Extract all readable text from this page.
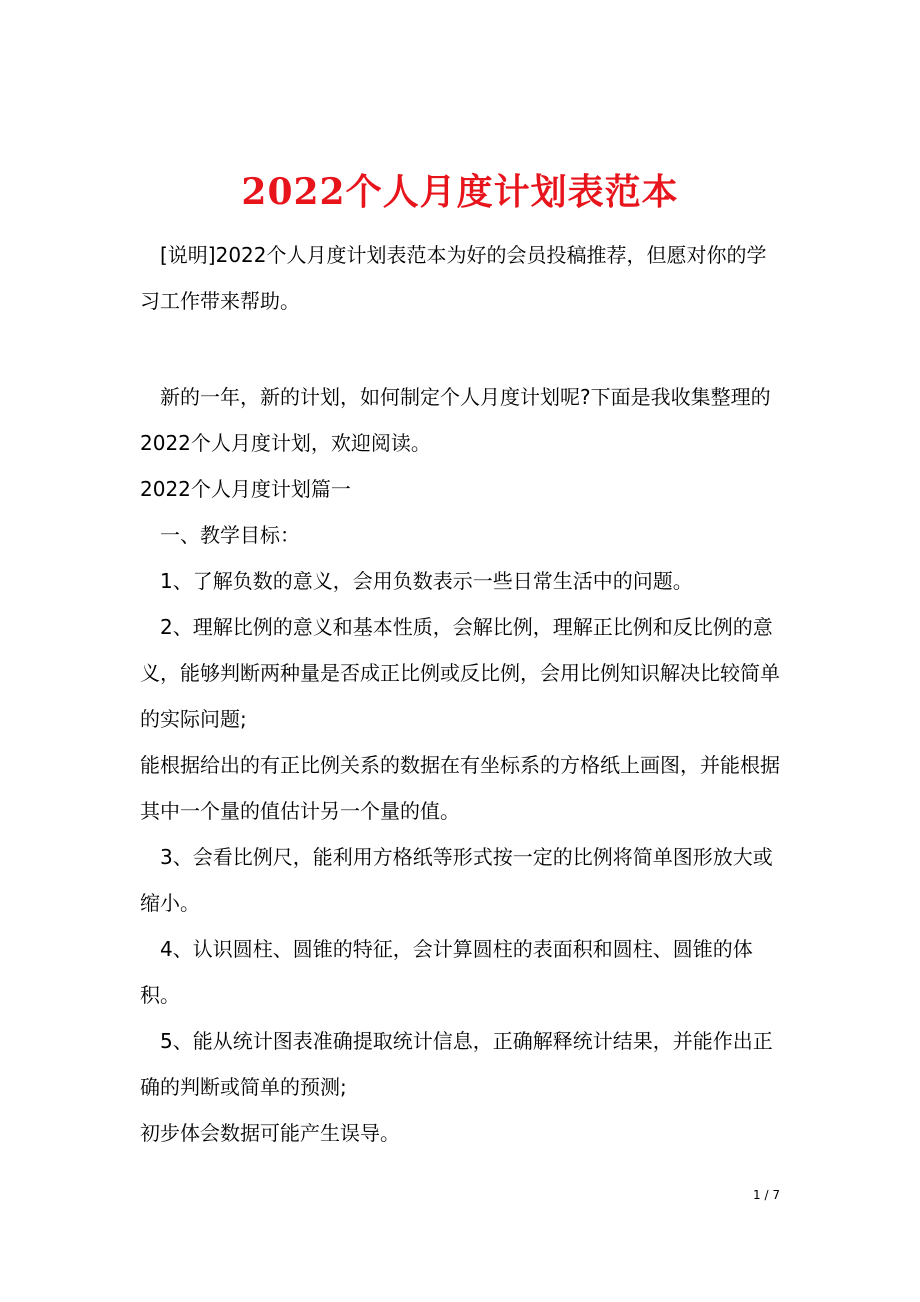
2022个人月度计划表范本

[说明]2022个人月度计划表范本为好的会员投稿推荐，但愿对你的学习工作带来帮助。

新的一年，新的计划，如何制定个人月度计划呢?下面是我收集整理的2022个人月度计划，欢迎阅读。

2022个人月度计划篇一

一、教学目标：

1、了解负数的意义，会用负数表示一些日常生活中的问题。

2、理解比例的意义和基本性质，会解比例，理解正比例和反比例的意义，能够判断两种量是否成正比例或反比例，会用比例知识解决比较简单的实际问题;

能根据给出的有正比例关系的数据在有坐标系的方格纸上画图，并能根据其中一个量的值估计另一个量的值。

3、会看比例尺，能利用方格纸等形式按一定的比例将简单图形放大或缩小。

4、认识圆柱、圆锥的特征，会计算圆柱的表面积和圆柱、圆锥的体积。

5、能从统计图表准确提取统计信息，正确解释统计结果，并能作出正确的判断或简单的预测;

初步体会数据可能产生误导。

1 / 7
